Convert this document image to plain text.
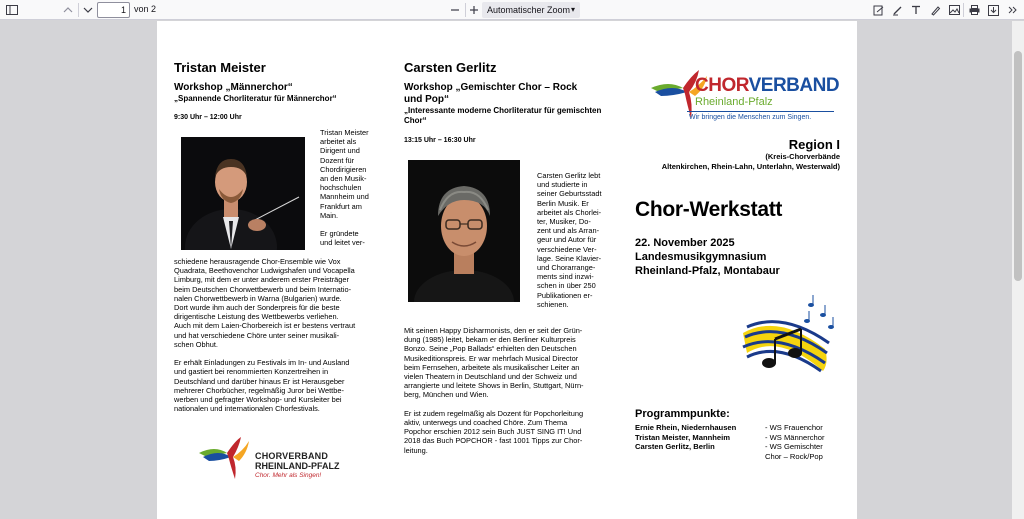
1 von 2	Automatischer Zoom ▾
Tristan Meister
Workshop „Männerchor“
„Spannende Chorliteratur für Männerchor“
9:30 Uhr – 12:00 Uhr
Tristan Meister
arbeitet als
Dirigent und
Dozent für
Chordirigieren
an den Musik-
hochschulen
Mannheim und
Frankfurt am
Main.
Er gründete
und leitet ver-
schiedene herausragende Chor-Ensemble wie Vox
Quadrata, Beethovenchor Ludwigshafen und Vocapella
Limburg, mit dem er unter anderem erster Preisträger
beim Deutschen Chorwettbewerb und beim Internatio-
nalen Chorwettbewerb in Warna (Bulgarien) wurde.
Dort wurde ihm auch der Sonderpreis für die beste
dirigentische Leistung des Wettbewerbs verliehen.
Auch mit dem Laien-Chorbereich ist er bestens vertraut
und hat verschiedene Chöre unter seiner musikali-
schen Obhut.
Er erhält Einladungen zu Festivals im In- und Ausland
und gastiert bei renommierten Konzertreihen in
Deutschland und darüber hinaus Er ist Herausgeber
mehrerer Chorbücher, regelmäßig Juror bei Wettbe-
werben und gefragter Workshop- und Kursleiter bei
nationalen und internationalen Chorfestivals.
CHORVERBAND
RHEINLAND-PFALZ
Chor. Mehr als Singen!
Carsten Gerlitz
Workshop „Gemischter Chor – Rock
und Pop“
„Interessante moderne Chorliteratur für gemischten
Chor“
13:15 Uhr – 16:30 Uhr
Carsten Gerlitz lebt
und studierte in
seiner Geburtsstadt
Berlin Musik. Er
arbeitet als Chorlei-
ter, Musiker, Do-
zent und als Arran-
geur und Autor für
verschiedene Ver-
lage. Seine Klavier-
und Chorarrange-
ments sind inzwi-
schen in über 250
Publikationen er-
schienen.
Mit seinen Happy Disharmonists, den er seit der Grün-
dung (1985) leitet, bekam er den Berliner Kulturpreis
Bonzo. Seine „Pop Ballads“ erhielten den Deutschen
Musikeditionspreis. Er war mehrfach Musical Director
beim Fernsehen, arbeitete als musikalischer Leiter an
vielen Theatern in Deutschland und der Schweiz und
arrangierte und leitete Shows in Berlin, Stuttgart, Nürn-
berg, München und Wien.
Er ist zudem regelmäßig als Dozent für Popchorleitung
aktiv, unterwegs und coached Chöre. Zum Thema
Popchor erschien 2012 sein Buch JUST SING IT! Und
2018 das Buch POPCHOR - fast 1001 Tipps zur Chor-
leitung.
CHORVERBAND
Rheinland-Pfalz
Wir bringen die Menschen zum Singen.
Region I
(Kreis-Chorverbände
Altenkirchen, Rhein-Lahn, Unterlahn, Westerwald)
Chor-Werkstatt
22. November 2025
Landesmusikgymnasium
Rheinland-Pfalz, Montabaur
Programmpunkte:
Ernie Rhein, Niedernhausen	- WS Frauenchor
Tristan Meister, Mannheim	- WS Männerchor
Carsten Gerlitz, Berlin	- WS Gemischter
Chor – Rock/Pop
